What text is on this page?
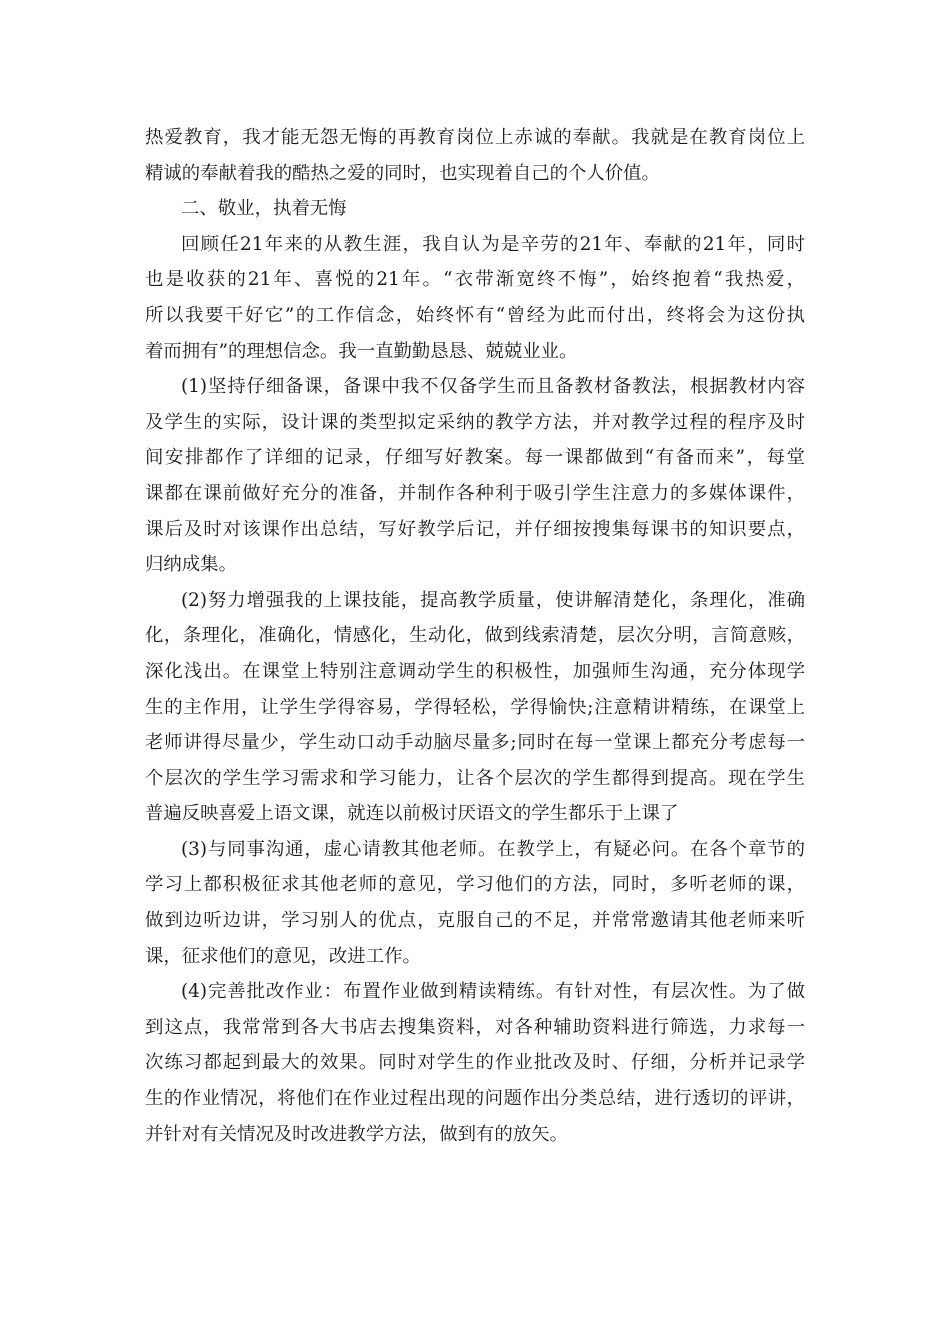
热爱教育，我才能无怨无悔的再教育岗位上赤诚的奉献。我就是在教育岗位上
精诚的奉献着我的酷热之爱的同时，也实现着自己的个人价值。
二、敬业，执着无悔
回顾任21年来的从教生涯，我自认为是辛劳的21年、奉献的21年，同时
也是收获的21年、喜悦的21年。“衣带渐宽终不悔”，始终抱着“我热爱，
所以我要干好它”的工作信念，始终怀有“曾经为此而付出，终将会为这份执
着而拥有”的理想信念。我一直勤勤恳恳、兢兢业业。
(1)坚持仔细备课，备课中我不仅备学生而且备教材备教法，根据教材内容
及学生的实际，设计课的类型拟定采纳的教学方法，并对教学过程的程序及时
间安排都作了详细的记录，仔细写好教案。每一课都做到“有备而来”，每堂
课都在课前做好充分的准备，并制作各种利于吸引学生注意力的多媒体课件，
课后及时对该课作出总结，写好教学后记，并仔细按搜集每课书的知识要点，
归纳成集。
(2)努力增强我的上课技能，提高教学质量，使讲解清楚化，条理化，准确
化，条理化，准确化，情感化，生动化，做到线索清楚，层次分明，言简意赅，
深化浅出。在课堂上特别注意调动学生的积极性，加强师生沟通，充分体现学
生的主作用，让学生学得容易，学得轻松，学得愉快;注意精讲精练，在课堂上
老师讲得尽量少，学生动口动手动脑尽量多;同时在每一堂课上都充分考虑每一
个层次的学生学习需求和学习能力，让各个层次的学生都得到提高。现在学生
普遍反映喜爱上语文课，就连以前极讨厌语文的学生都乐于上课了
(3)与同事沟通，虚心请教其他老师。在教学上，有疑必问。在各个章节的
学习上都积极征求其他老师的意见，学习他们的方法，同时，多听老师的课，
做到边听边讲，学习别人的优点，克服自己的不足，并常常邀请其他老师来听
课，征求他们的意见，改进工作。
(4)完善批改作业：布置作业做到精读精练。有针对性，有层次性。为了做
到这点，我常常到各大书店去搜集资料，对各种辅助资料进行筛选，力求每一
次练习都起到最大的效果。同时对学生的作业批改及时、仔细，分析并记录学
生的作业情况，将他们在作业过程出现的问题作出分类总结，进行透切的评讲，
并针对有关情况及时改进教学方法，做到有的放矢。
